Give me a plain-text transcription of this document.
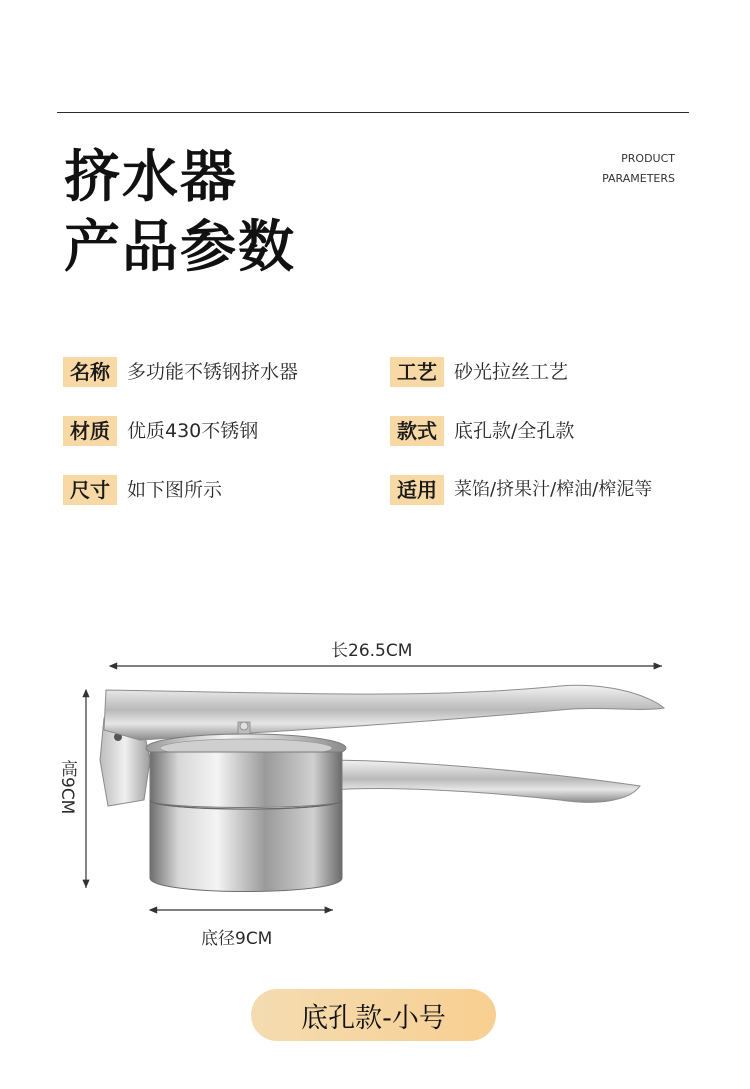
挤水器
产品参数
PRODUCT
PARAMETERS
名称 多功能不锈钢挤水器
材质 优质430不锈钢
尺寸 如下图所示
工艺 砂光拉丝工艺
款式 底孔款/全孔款
适用 菜馅/挤果汁/榨油/榨泥等
长26.5CM
高9CM
底径9CM
底孔款-小号
